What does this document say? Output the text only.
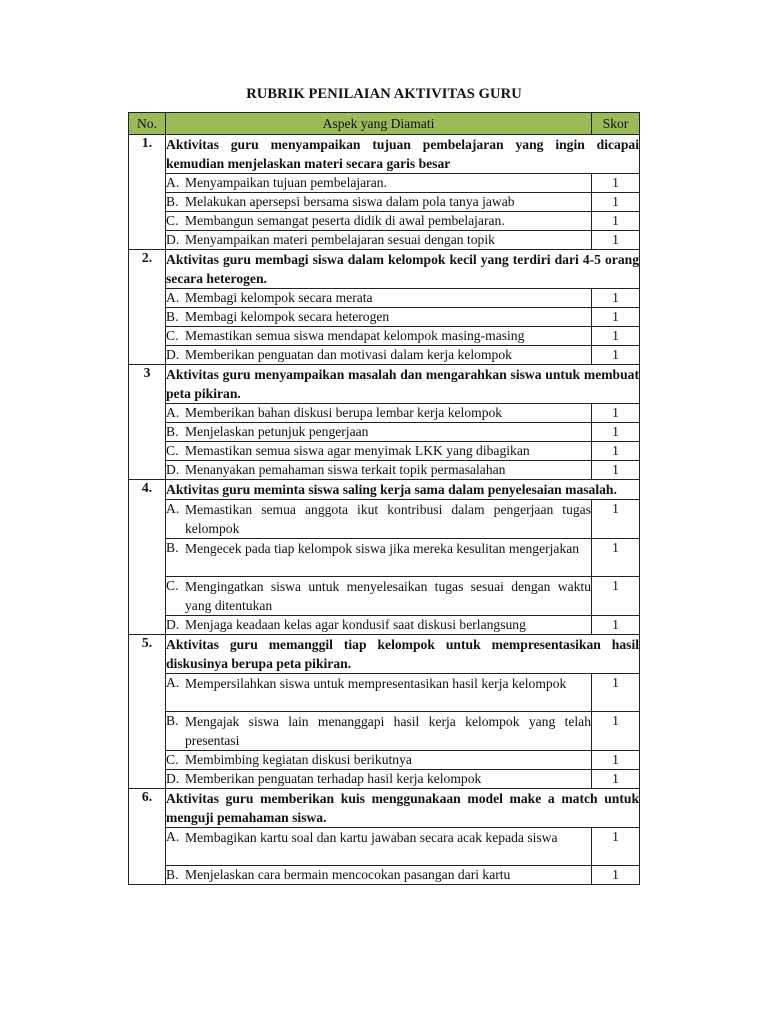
RUBRIK PENILAIAN AKTIVITAS GURU
No.	Aspek yang Diamati	Skor
1.	Aktivitas guru menyampaikan tujuan pembelajaran yang ingin dicapai kemudian menjelaskan materi secara garis besar	

	A. Menyampaikan tujuan pembelajaran.	1

	B. Melakukan apersepsi bersama siswa dalam pola tanya jawab	1

	C. Membangun semangat peserta didik di awal pembelajaran.	1

	D. Menyampaikan materi pembelajaran sesuai dengan topik	1
2.	Aktivitas guru membagi siswa dalam kelompok kecil yang terdiri dari 4-5 orang secara heterogen.	

	A. Membagi kelompok secara merata	1

	B. Membagi kelompok secara heterogen	1

	C. Memastikan semua siswa mendapat kelompok masing-masing	1

	D. Memberikan penguatan dan motivasi dalam kerja kelompok	1
3	Aktivitas guru menyampaikan masalah dan mengarahkan siswa untuk membuat peta pikiran.	

	A. Memberikan bahan diskusi berupa lembar kerja kelompok	1

	B. Menjelaskan petunjuk pengerjaan	1

	C. Memastikan semua siswa agar menyimak LKK yang dibagikan	1

	D. Menanyakan pemahaman siswa terkait topik permasalahan	1
4.	Aktivitas guru meminta siswa saling kerja sama dalam penyelesaian masalah.	

	A. Memastikan semua anggota ikut kontribusi dalam pengerjaan tugas kelompok	1

	B. Mengecek pada tiap kelompok siswa jika mereka kesulitan mengerjakan	1

	C. Mengingatkan siswa untuk menyelesaikan tugas sesuai dengan waktu yang ditentukan	1

	D. Menjaga keadaan kelas agar kondusif saat diskusi berlangsung	1
5.	Aktivitas guru memanggil tiap kelompok untuk mempresentasikan hasil diskusinya berupa peta pikiran.	

	A. Mempersilahkan siswa untuk mempresentasikan hasil kerja kelompok	1

	B. Mengajak siswa lain menanggapi hasil kerja kelompok yang telah presentasi	1

	C. Membimbing kegiatan diskusi berikutnya	1

	D. Memberikan penguatan terhadap hasil kerja kelompok	1
6.	Aktivitas guru memberikan kuis menggunakaan model make a match untuk menguji pemahaman siswa.	

	A. Membagikan kartu soal dan kartu jawaban secara acak kepada siswa	1

	B. Menjelaskan cara bermain mencocokan pasangan dari kartu	1
